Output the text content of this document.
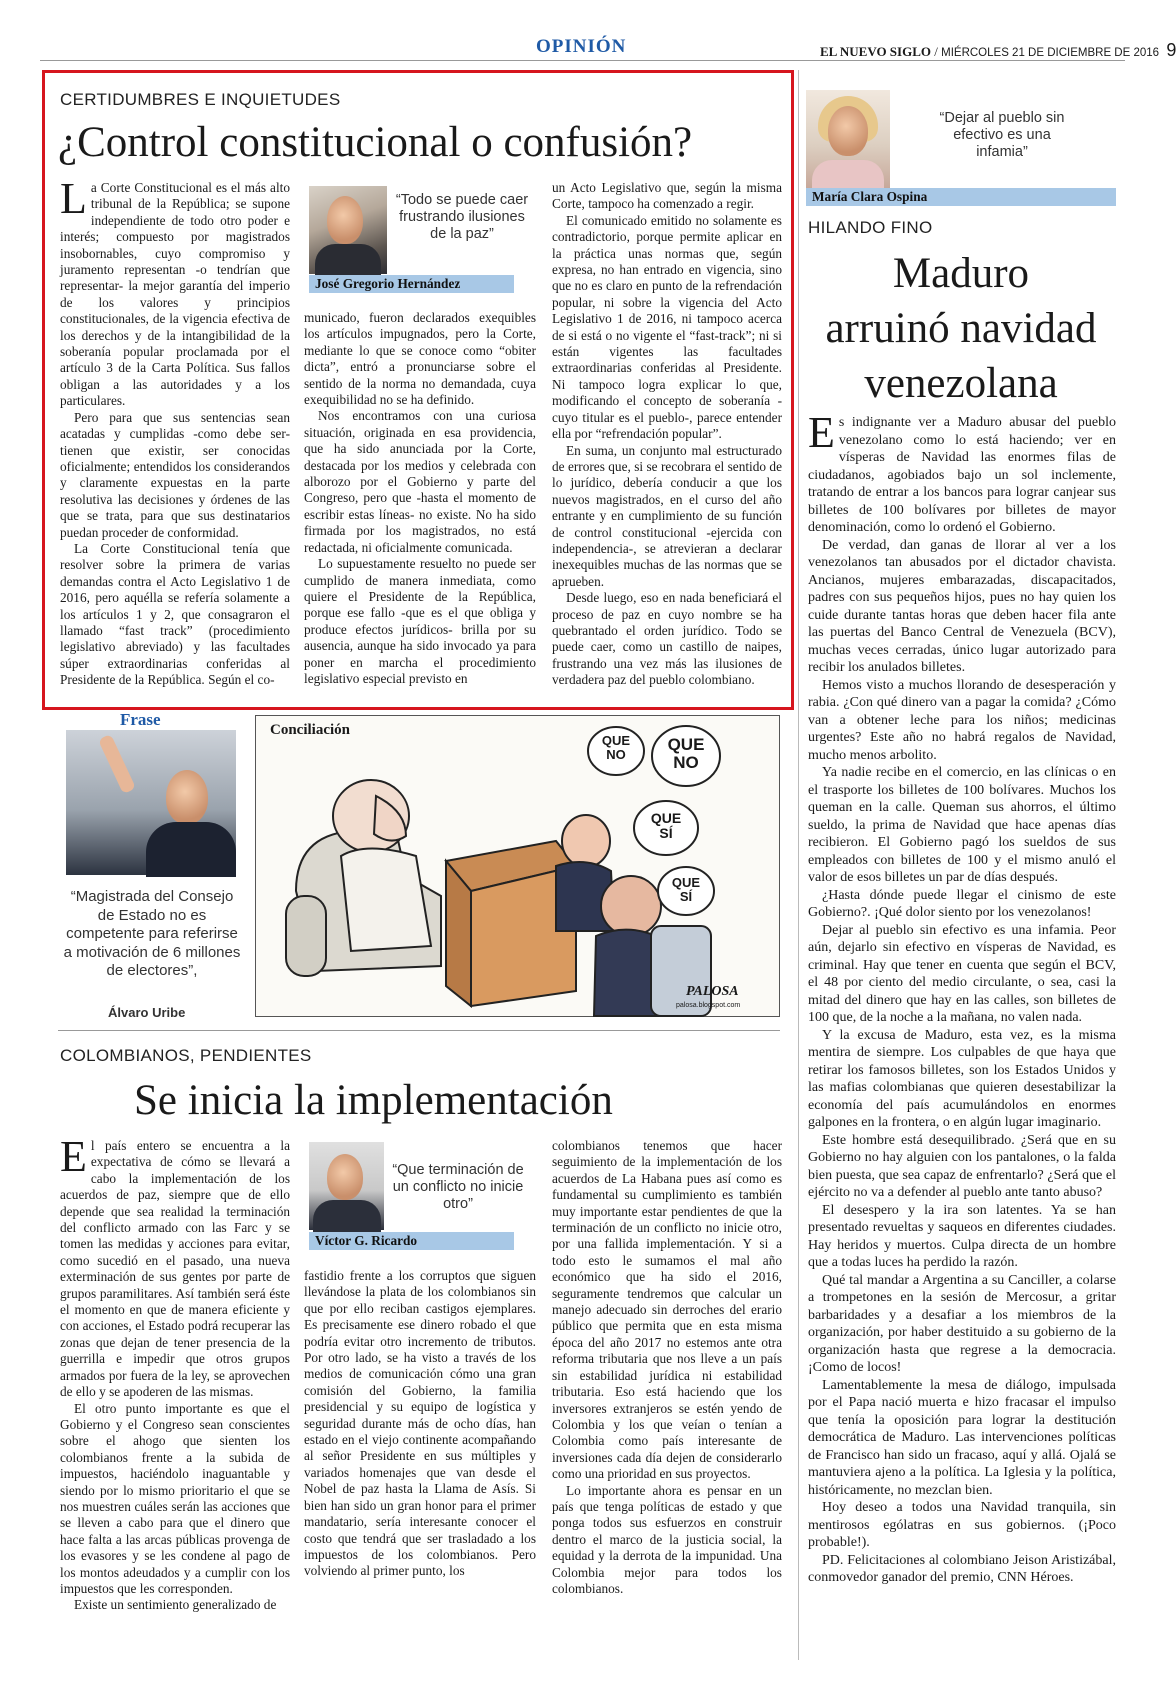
OPINIÓN	EL NUEVO SIGLO / MIÉRCOLES 21 DE DICIEMBRE DE 2016 9
CERTIDUMBRES E INQUIETUDES
¿Control constitucional o confusión?

La Corte Constitucional es el más alto tribunal de la República; se supone independiente de todo otro poder e interés; compuesto por magistrados insobornables, cuyo compromiso y juramento representan -o tendrían que representar- la mejor garantía del imperio de los valores y principios constitucionales, de la vigencia efectiva de los derechos y de la intangibilidad de la soberanía popular proclamada por el artículo 3 de la Carta Política. Sus fallos obligan a las autoridades y a los particulares.

Pero para que sus sentencias sean acatadas y cumplidas -como debe ser- tienen que existir, ser conocidas oficialmente; entendidos los considerandos y claramente expuestas en la parte resolutiva las decisiones y órdenes de las que se trata, para que sus destinatarios puedan proceder de conformidad.

La Corte Constitucional tenía que resolver sobre la primera de varias demandas contra el Acto Legislativo 1 de 2016, pero aquélla se refería solamente a los artículos 1 y 2, que consagraron el llamado “fast track” (procedimiento legislativo abreviado) y las facultades súper extraordinarias conferidas al Presidente de la República. Según el co-

“Todo se puede caer frustrando ilusiones de la paz”
José Gregorio Hernández

municado, fueron declarados exequibles los artículos impugnados, pero la Corte, mediante lo que se conoce como “obiter dicta”, entró a pronunciarse sobre el sentido de la norma no demandada, cuya exequibilidad no se ha definido.

Nos encontramos con una curiosa situación, originada en esa providencia, que ha sido anunciada por la Corte, destacada por los medios y celebrada con alborozo por el Gobierno y parte del Congreso, pero que -hasta el momento de escribir estas líneas- no existe. No ha sido firmada por los magistrados, no está redactada, ni oficialmente comunicada.

Lo supuestamente resuelto no puede ser cumplido de manera inmediata, como quiere el Presidente de la República, porque ese fallo -que es el que obliga y produce efectos jurídicos- brilla por su ausencia, aunque ha sido invocado ya para poner en marcha el procedimiento legislativo especial previsto en

un Acto Legislativo que, según la misma Corte, tampoco ha comenzado a regir.

El comunicado emitido no solamente es contradictorio, porque permite aplicar en la práctica unas normas que, según expresa, no han entrado en vigencia, sino que no es claro en punto de la refrendación popular, ni sobre la vigencia del Acto Legislativo 1 de 2016, ni tampoco acerca de si está o no vigente el “fast-track”; ni si están vigentes las facultades extraordinarias conferidas al Presidente. Ni tampoco logra explicar lo que, modificando el concepto de soberanía -cuyo titular es el pueblo-, parece entender ella por “refrendación popular”.

En suma, un conjunto mal estructurado de errores que, si se recobrara el sentido de lo jurídico, debería conducir a que los nuevos magistrados, en el curso del año entrante y en cumplimiento de su función de control constitucional -ejercida con independencia-, se atrevieran a declarar inexequibles muchas de las normas que se aprueben.

Desde luego, eso en nada beneficiará el proceso de paz en cuyo nombre se ha quebrantado el orden jurídico. Todo se puede caer, como un castillo de naipes, frustrando una vez más las ilusiones de verdadera paz del pueblo colombiano.

Frase
“Magistrada del Consejo de Estado no es competente para referirse a motivación de 6 millones de electores”,
Álvaro Uribe
Conciliación
QUE NO
QUE NO
QUE SÍ
QUE SÍ
PALOSA
palosa.blogspot.com
COLOMBIANOS, PENDIENTES
Se inicia la implementación

El país entero se encuentra a la expectativa de cómo se llevará a cabo la implementación de los acuerdos de paz, siempre que de ello depende que sea realidad la terminación del conflicto armado con las Farc y se tomen las medidas y acciones para evitar, como sucedió en el pasado, una nueva exterminación de sus gentes por parte de grupos paramilitares. Así también será éste el momento en que de manera eficiente y con acciones, el Estado podrá recuperar las zonas que dejan de tener presencia de la guerrilla e impedir que otros grupos armados por fuera de la ley, se aprovechen de ello y se apoderen de las mismas.

El otro punto importante es que el Gobierno y el Congreso sean conscientes sobre el ahogo que sienten los colombianos frente a la subida de impuestos, haciéndolo inaguantable y siendo por lo mismo prioritario el que se nos muestren cuáles serán las acciones que se lleven a cabo para que el dinero que hace falta a las arcas públicas provenga de los evasores y se les condene al pago de los montos adeudados y a cumplir con los impuestos que les corresponden.

Existe un sentimiento generalizado de

“Que terminación de un conflicto no inicie otro”
Víctor G. Ricardo

fastidio frente a los corruptos que siguen llevándose la plata de los colombianos sin que por ello reciban castigos ejemplares. Es precisamente ese dinero robado el que podría evitar otro incremento de tributos. Por otro lado, se ha visto a través de los medios de comunicación cómo una gran comisión del Gobierno, la familia presidencial y su equipo de logística y seguridad durante más de ocho días, han estado en el viejo continente acompañando al señor Presidente en sus múltiples y variados homenajes que van desde el Nobel de paz hasta la Llama de Asís. Si bien han sido un gran honor para el primer mandatario, sería interesante conocer el costo que tendrá que ser trasladado a los impuestos de los colombianos. Pero volviendo al primer punto, los

colombianos tenemos que hacer seguimiento de la implementación de los acuerdos de La Habana pues así como es fundamental su cumplimiento es también muy importante estar pendientes de que la terminación de un conflicto no inicie otro, por una fallida implementación. Y si a todo esto le sumamos el mal año económico que ha sido el 2016, seguramente tendremos que calcular un manejo adecuado sin derroches del erario público que permita que en esta misma época del año 2017 no estemos ante otra reforma tributaria que nos lleve a un país sin estabilidad jurídica ni estabilidad tributaria. Eso está haciendo que los inversores extranjeros se estén yendo de Colombia y los que veían o tenían a Colombia como país interesante de inversiones cada día dejen de considerarlo como una prioridad en sus proyectos.

Lo importante ahora es pensar en un país que tenga políticas de estado y que ponga todos sus esfuerzos en construir dentro el marco de la justicia social, la equidad y la derrota de la impunidad. Una Colombia mejor para todos los colombianos.

“Dejar al pueblo sin efectivo es una infamia”
María Clara Ospina
HILANDO FINO
Maduro
arruinó navidad
venezolana

Es indignante ver a Maduro abusar del pueblo venezolano como lo está haciendo; ver en vísperas de Navidad las enormes filas de ciudadanos, agobiados bajo un sol inclemente, tratando de entrar a los bancos para lograr canjear sus billetes de 100 bolívares por billetes de mayor denominación, como lo ordenó el Gobierno.

De verdad, dan ganas de llorar al ver a los venezolanos tan abusados por el dictador chavista. Ancianos, mujeres embarazadas, discapacitados, padres con sus pequeños hijos, pues no hay quien los cuide durante tantas horas que deben hacer fila ante las puertas del Banco Central de Venezuela (BCV), muchas veces cerradas, único lugar autorizado para recibir los anulados billetes.

Hemos visto a muchos llorando de desesperación y rabia. ¿Con qué dinero van a pagar la comida? ¿Cómo van a obtener leche para los niños; medicinas urgentes? Este año no habrá regalos de Navidad, mucho menos arbolito.

Ya nadie recibe en el comercio, en las clínicas o en el trasporte los billetes de 100 bolívares. Muchos los queman en la calle. Queman sus ahorros, el último sueldo, la prima de Navidad que hace apenas días recibieron. El Gobierno pagó los sueldos de sus empleados con billetes de 100 y el mismo anuló el valor de esos billetes un par de días después.

¿Hasta dónde puede llegar el cinismo de este Gobierno?. ¡Qué dolor siento por los venezolanos!

Dejar al pueblo sin efectivo es una infamia. Peor aún, dejarlo sin efectivo en vísperas de Navidad, es criminal. Hay que tener en cuenta que según el BCV, el 48 por ciento del medio circulante, o sea, casi la mitad del dinero que hay en las calles, son billetes de 100 que, de la noche a la mañana, no valen nada.

Y la excusa de Maduro, esta vez, es la misma mentira de siempre. Los culpables de que haya que retirar los famosos billetes, son los Estados Unidos y las mafias colombianas que quieren desestabilizar la economía del país acumulándolos en enormes galpones en la frontera, o en algún lugar imaginario.

Este hombre está desequilibrado. ¿Será que en su Gobierno no hay alguien con los pantalones, o la falda bien puesta, que sea capaz de enfrentarlo? ¿Será que el ejército no va a defender al pueblo ante tanto abuso?

El desespero y la ira son latentes. Ya se han presentado revueltas y saqueos en diferentes ciudades. Hay heridos y muertos. Culpa directa de un hombre que a todas luces ha perdido la razón.

Qué tal mandar a Argentina a su Canciller, a colarse a trompetones en la sesión de Mercosur, a gritar barbaridades y a desafiar a los miembros de la organización, por haber destituido a su gobierno de la organización hasta que regrese a la democracia. ¡Como de locos!

Lamentablemente la mesa de diálogo, impulsada por el Papa nació muerta e hizo fracasar el impulso que tenía la oposición para lograr la destitución democrática de Maduro. Las intervenciones políticas de Francisco han sido un fracaso, aquí y allá. Ojalá se mantuviera ajeno a la política. La Iglesia y la política, históricamente, no mezclan bien.

Hoy deseo a todos una Navidad tranquila, sin mentirosos ególatras en sus gobiernos. (¡Poco probable!).

PD. Felicitaciones al colombiano Jeison Aristizábal, conmovedor ganador del premio, CNN Héroes.
